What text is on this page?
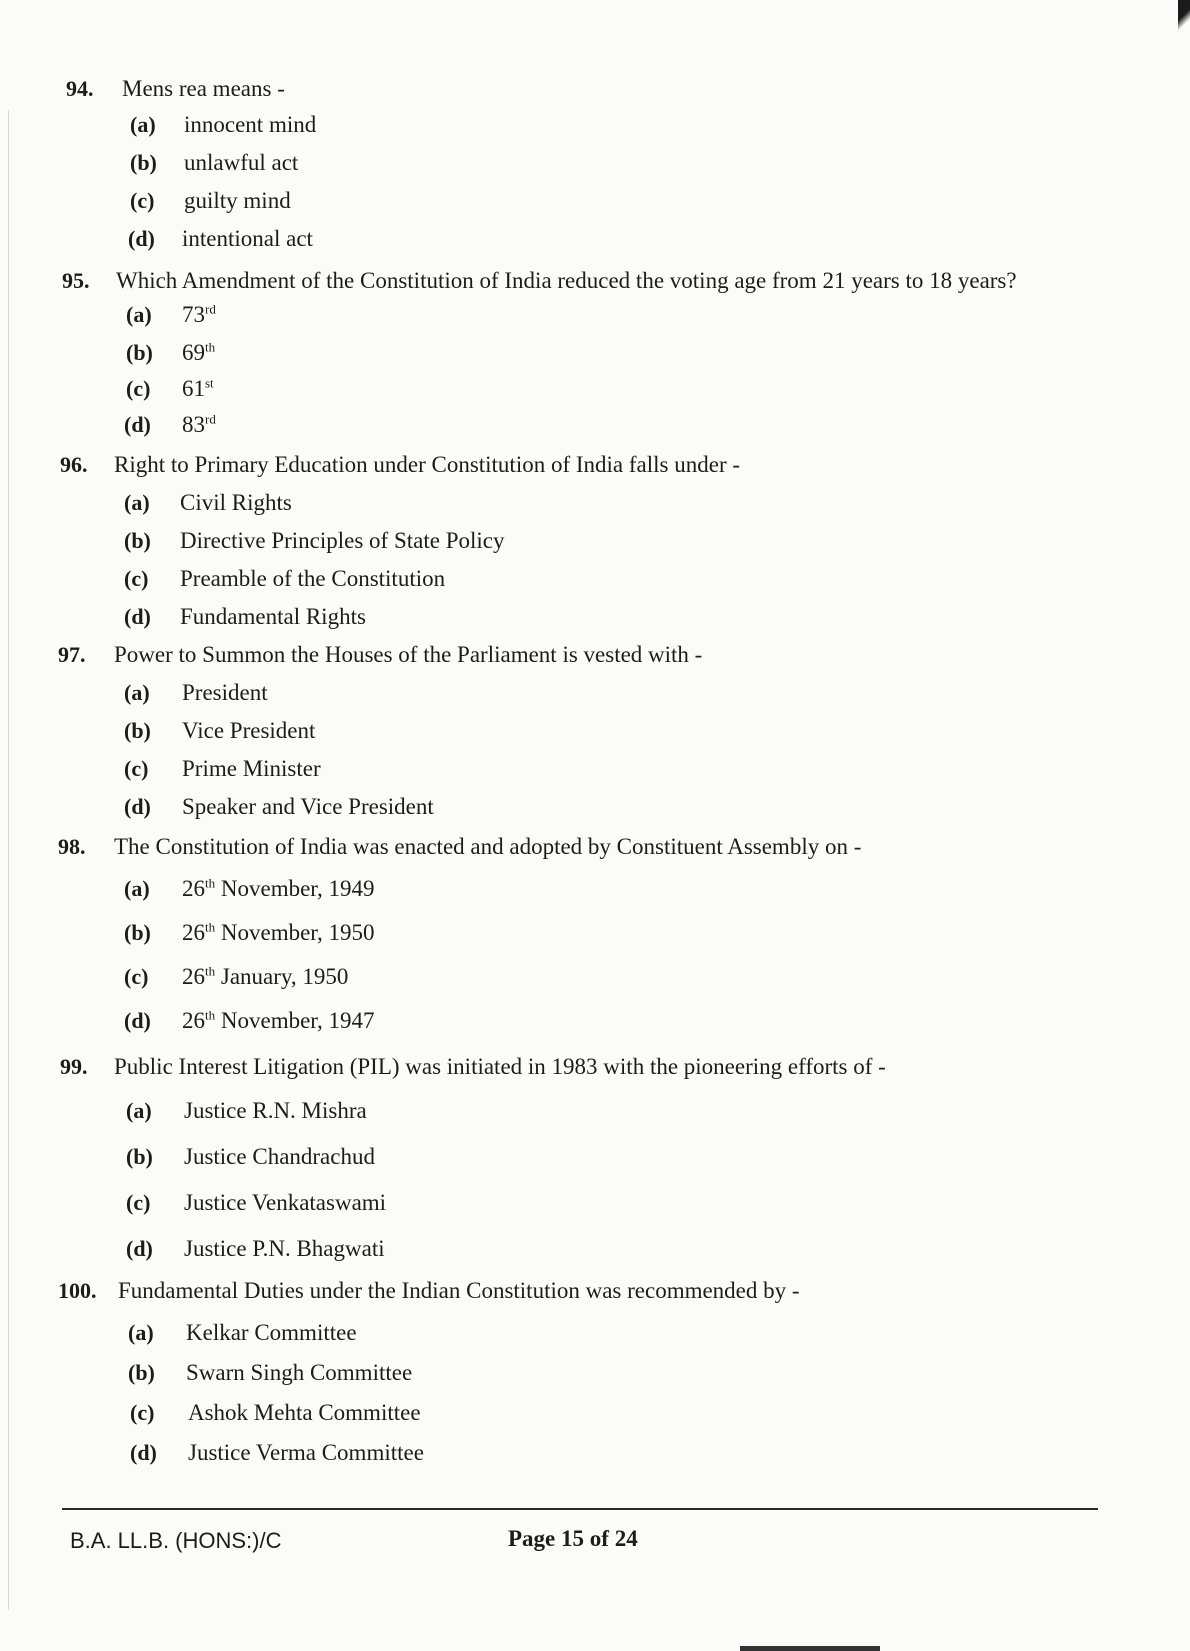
94. Mens rea means -
(a) innocent mind
(b) unlawful act
(c) guilty mind
(d) intentional act
95. Which Amendment of the Constitution of India reduced the voting age from 21 years to 18 years?
(a) 73rd
(b) 69th
(c) 61st
(d) 83rd
96. Right to Primary Education under Constitution of India falls under -
(a) Civil Rights
(b) Directive Principles of State Policy
(c) Preamble of the Constitution
(d) Fundamental Rights
97. Power to Summon the Houses of the Parliament is vested with -
(a) President
(b) Vice President
(c) Prime Minister
(d) Speaker and Vice President
98. The Constitution of India was enacted and adopted by Constituent Assembly on -
(a) 26th November, 1949
(b) 26th November, 1950
(c) 26th January, 1950
(d) 26th November, 1947
99. Public Interest Litigation (PIL) was initiated in 1983 with the pioneering efforts of -
(a) Justice R.N. Mishra
(b) Justice Chandrachud
(c) Justice Venkataswami
(d) Justice P.N. Bhagwati
100. Fundamental Duties under the Indian Constitution was recommended by -
(a) Kelkar Committee
(b) Swarn Singh Committee
(c) Ashok Mehta Committee
(d) Justice Verma Committee
B.A. LL.B. (HONS:)/C	Page 15 of 24
